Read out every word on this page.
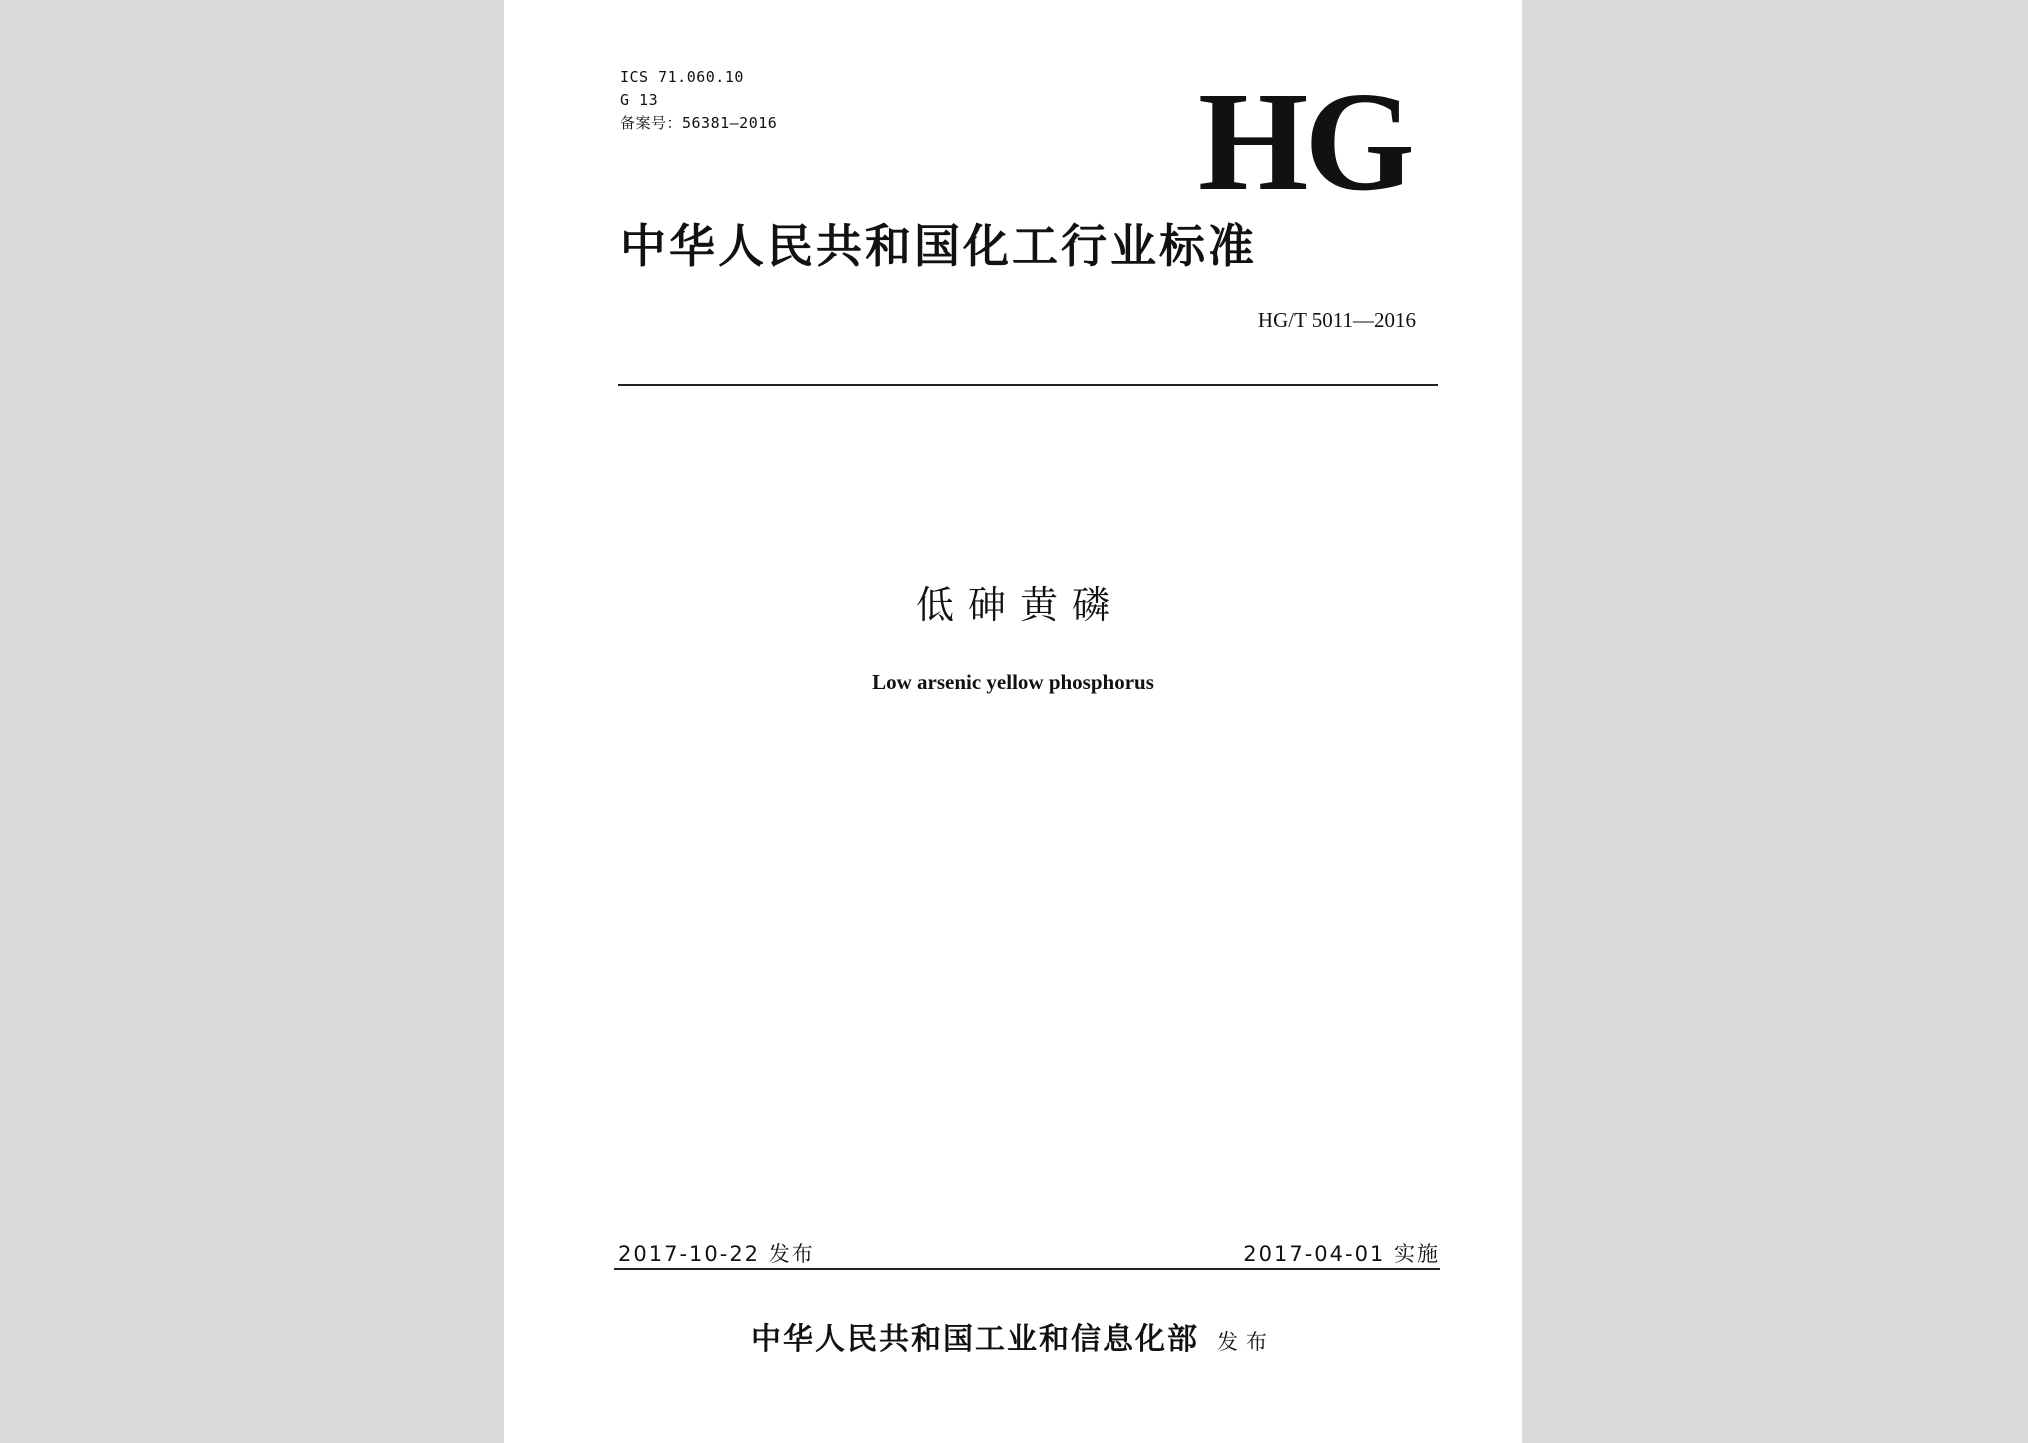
ICS 71.060.10
G 13
备案号：56381—2016	HG
中华人民共和国化工行业标准
HG/T 5011—2016
低砷黄磷
Low arsenic yellow phosphorus
2017-10-22 发布	2017-04-01 实施
中华人民共和国工业和信息化部 发布
